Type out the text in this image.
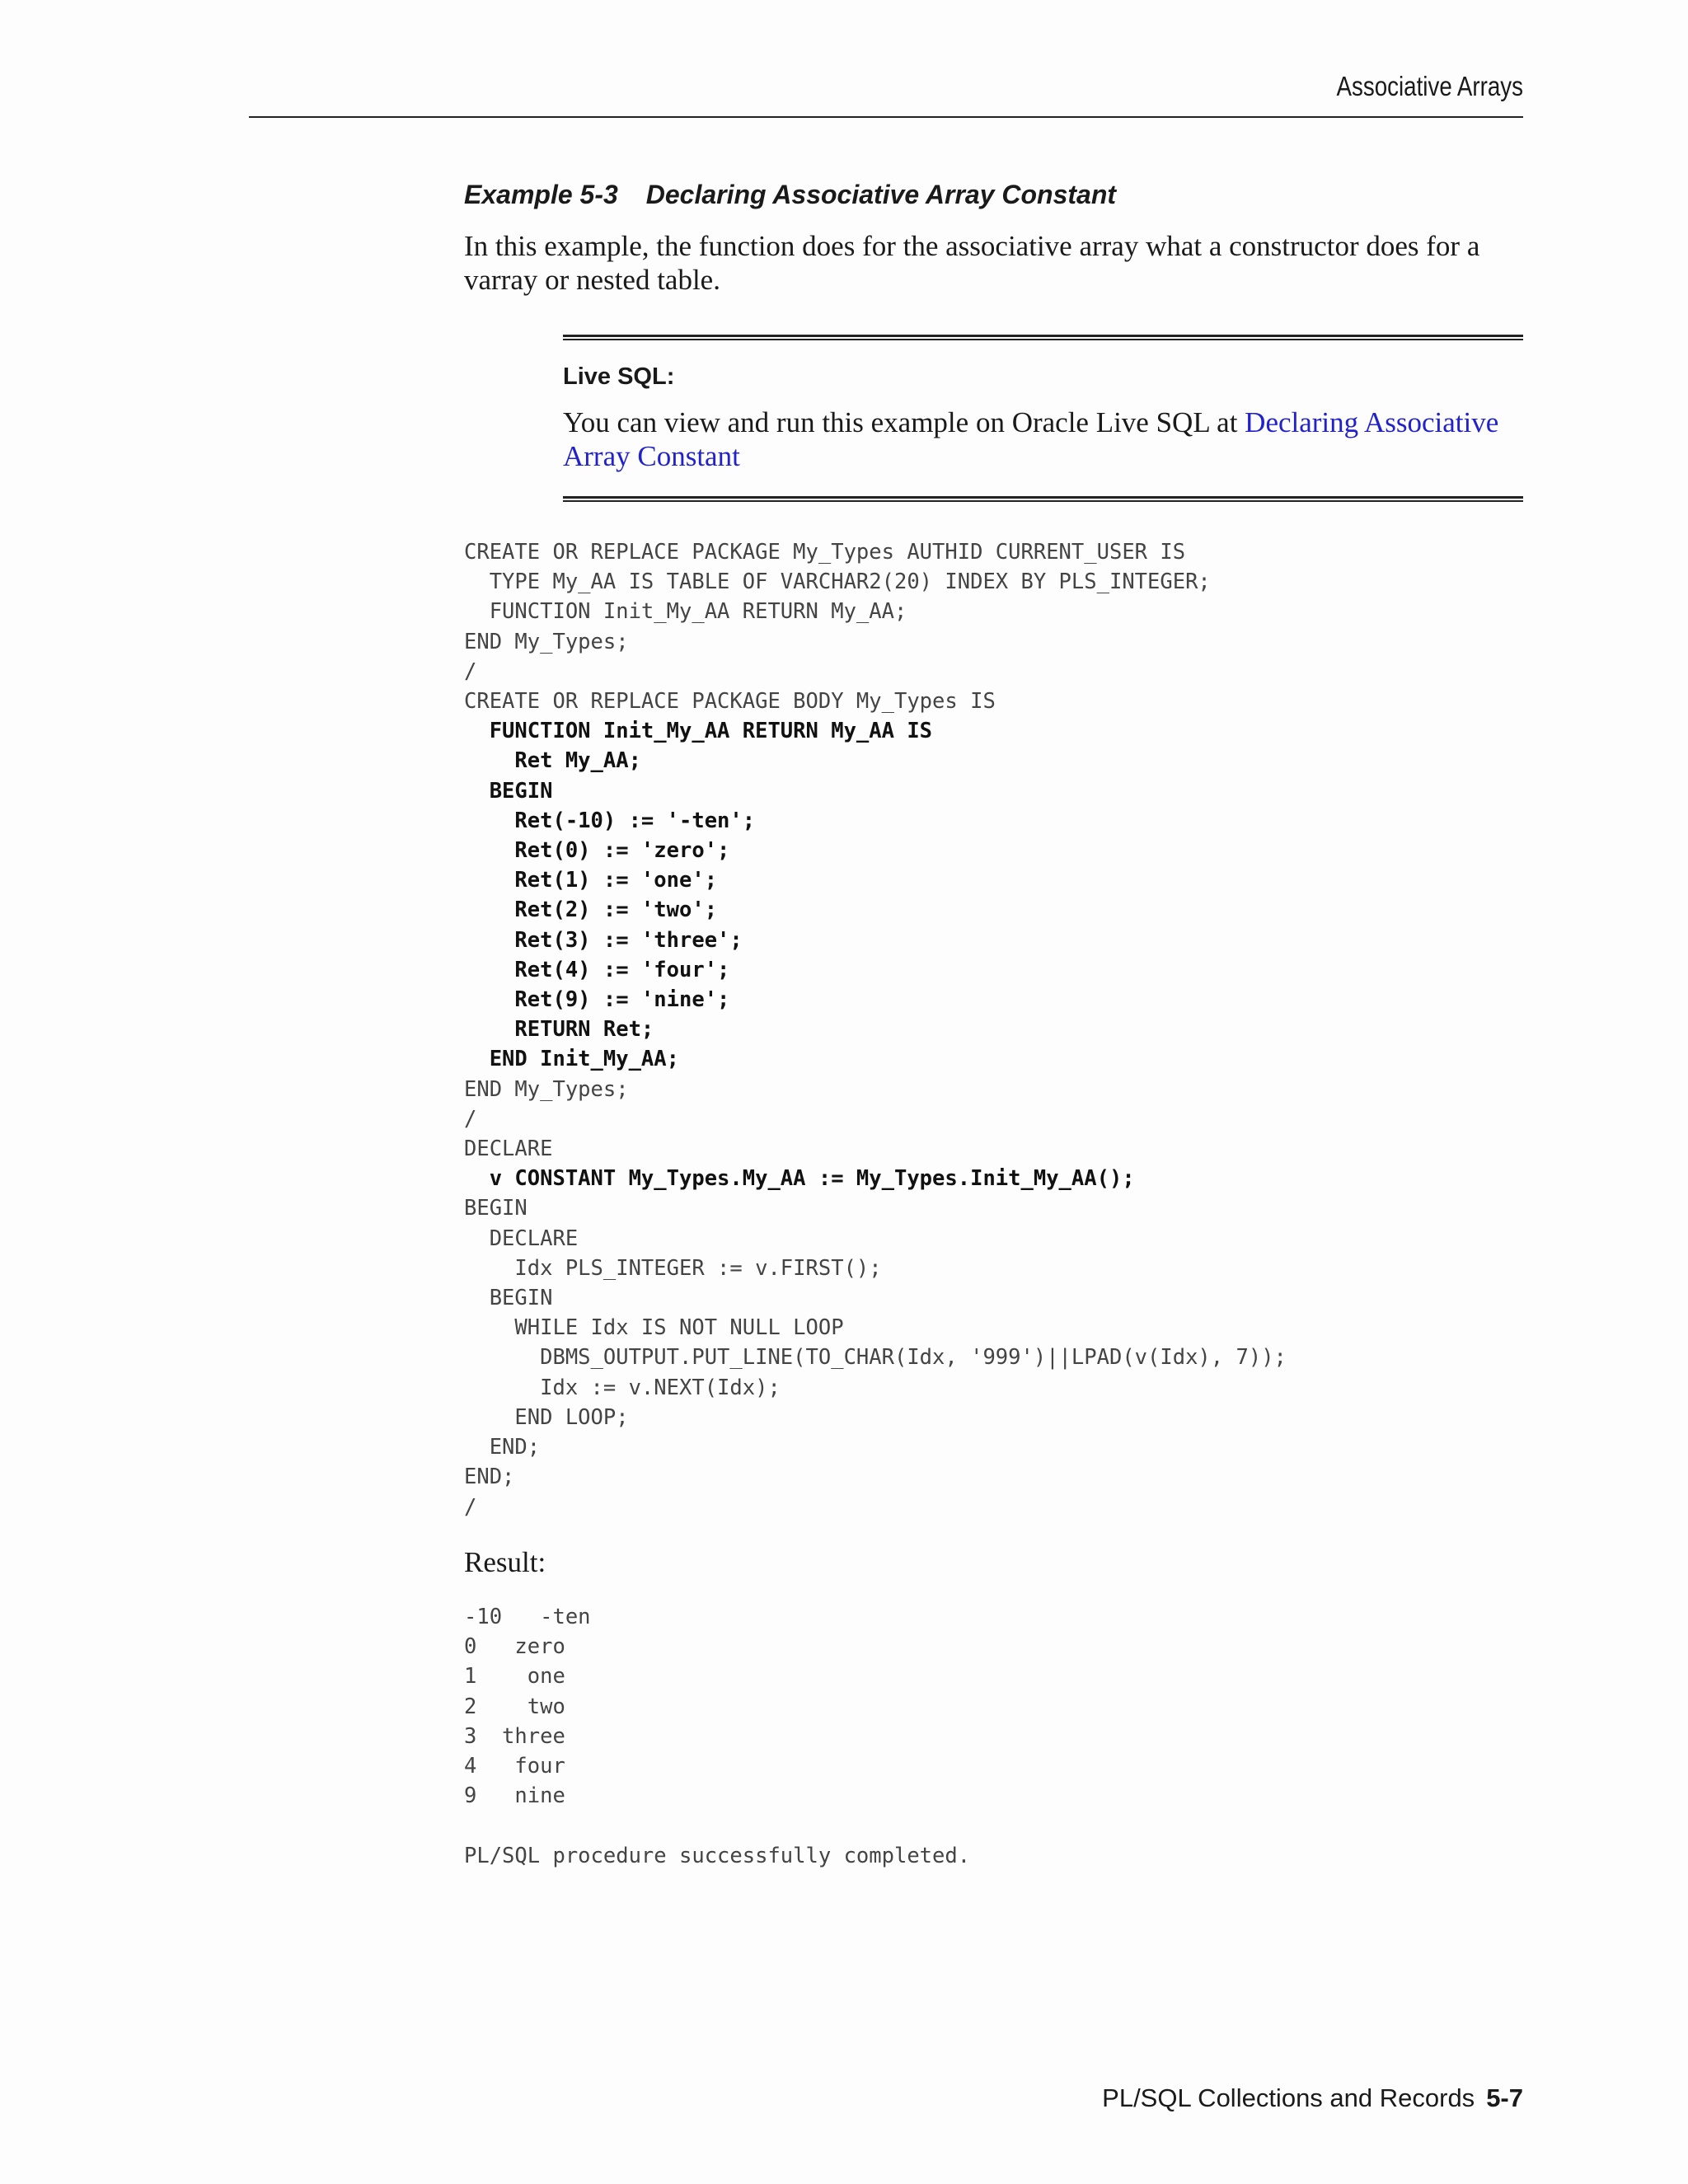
Associative Arrays
Example 5-3 Declaring Associative Array Constant
In this example, the function does for the associative array what a constructor does for a varray or nested table.
Live SQL:
You can view and run this example on Oracle Live SQL at Declaring Associative Array Constant
CREATE OR REPLACE PACKAGE My_Types AUTHID CURRENT_USER IS
TYPE My_AA IS TABLE OF VARCHAR2(20) INDEX BY PLS_INTEGER;
FUNCTION Init_My_AA RETURN My_AA;
END My_Types;
/
CREATE OR REPLACE PACKAGE BODY My_Types IS
FUNCTION Init_My_AA RETURN My_AA IS
Ret My_AA;
BEGIN
Ret(-10) := '-ten';
Ret(0) := 'zero';
Ret(1) := 'one';
Ret(2) := 'two';
Ret(3) := 'three';
Ret(4) := 'four';
Ret(9) := 'nine';
RETURN Ret;
END Init_My_AA;
END My_Types;
/
DECLARE
v CONSTANT My_Types.My_AA := My_Types.Init_My_AA();
BEGIN
DECLARE
Idx PLS_INTEGER := v.FIRST();
BEGIN
WHILE Idx IS NOT NULL LOOP
DBMS_OUTPUT.PUT_LINE(TO_CHAR(Idx, '999')||LPAD(v(Idx), 7));
Idx := v.NEXT(Idx);
END LOOP;
END;
END;
/

Result:
-10   -ten
0   zero
1    one
2    two
3  three
4   four
9   nine

PL/SQL procedure successfully completed.

PL/SQL Collections and Records 5-7
